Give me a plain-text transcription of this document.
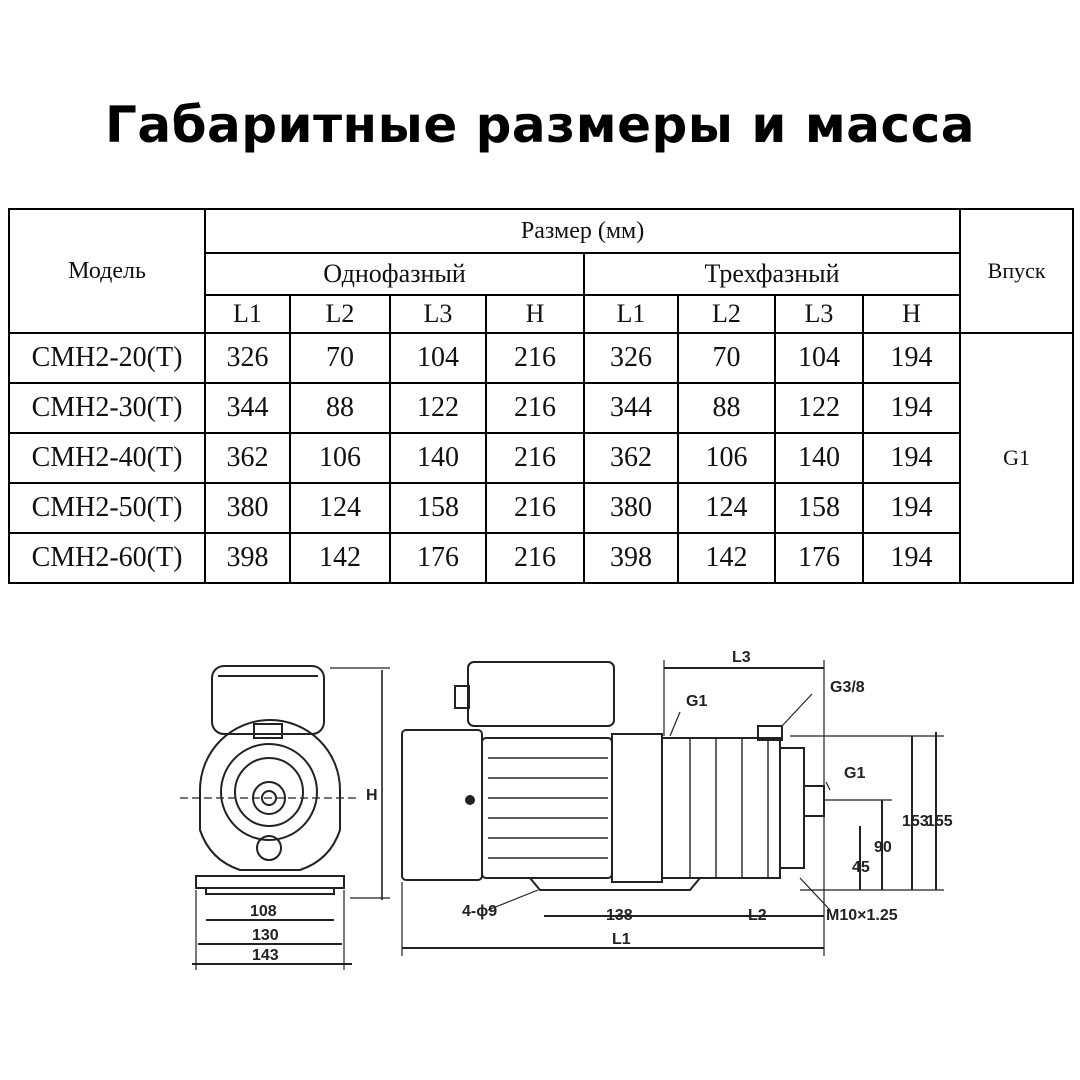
Габаритные размеры и масса
Модель	Размер (мм)								Впуск
	Однофазный				Трехфазный				
	L1	L2	L3	H	L1	L2	L3	H	
CMH2-20(T)	326	70	104	216	326	70	104	194	G1
CMH2-30(T)	344	88	122	216	344	88	122	194	
CMH2-40(T)	362	106	140	216	362	106	140	194	
CMH2-50(T)	380	124	158	216	380	124	158	194	
CMH2-60(T)	398	142	176	216	398	142	176	194	
108
130
143
H
L3
G1
G3/8
G1
4-ϕ9	138	L2
L1
M10×1.25
45
90
153
155
